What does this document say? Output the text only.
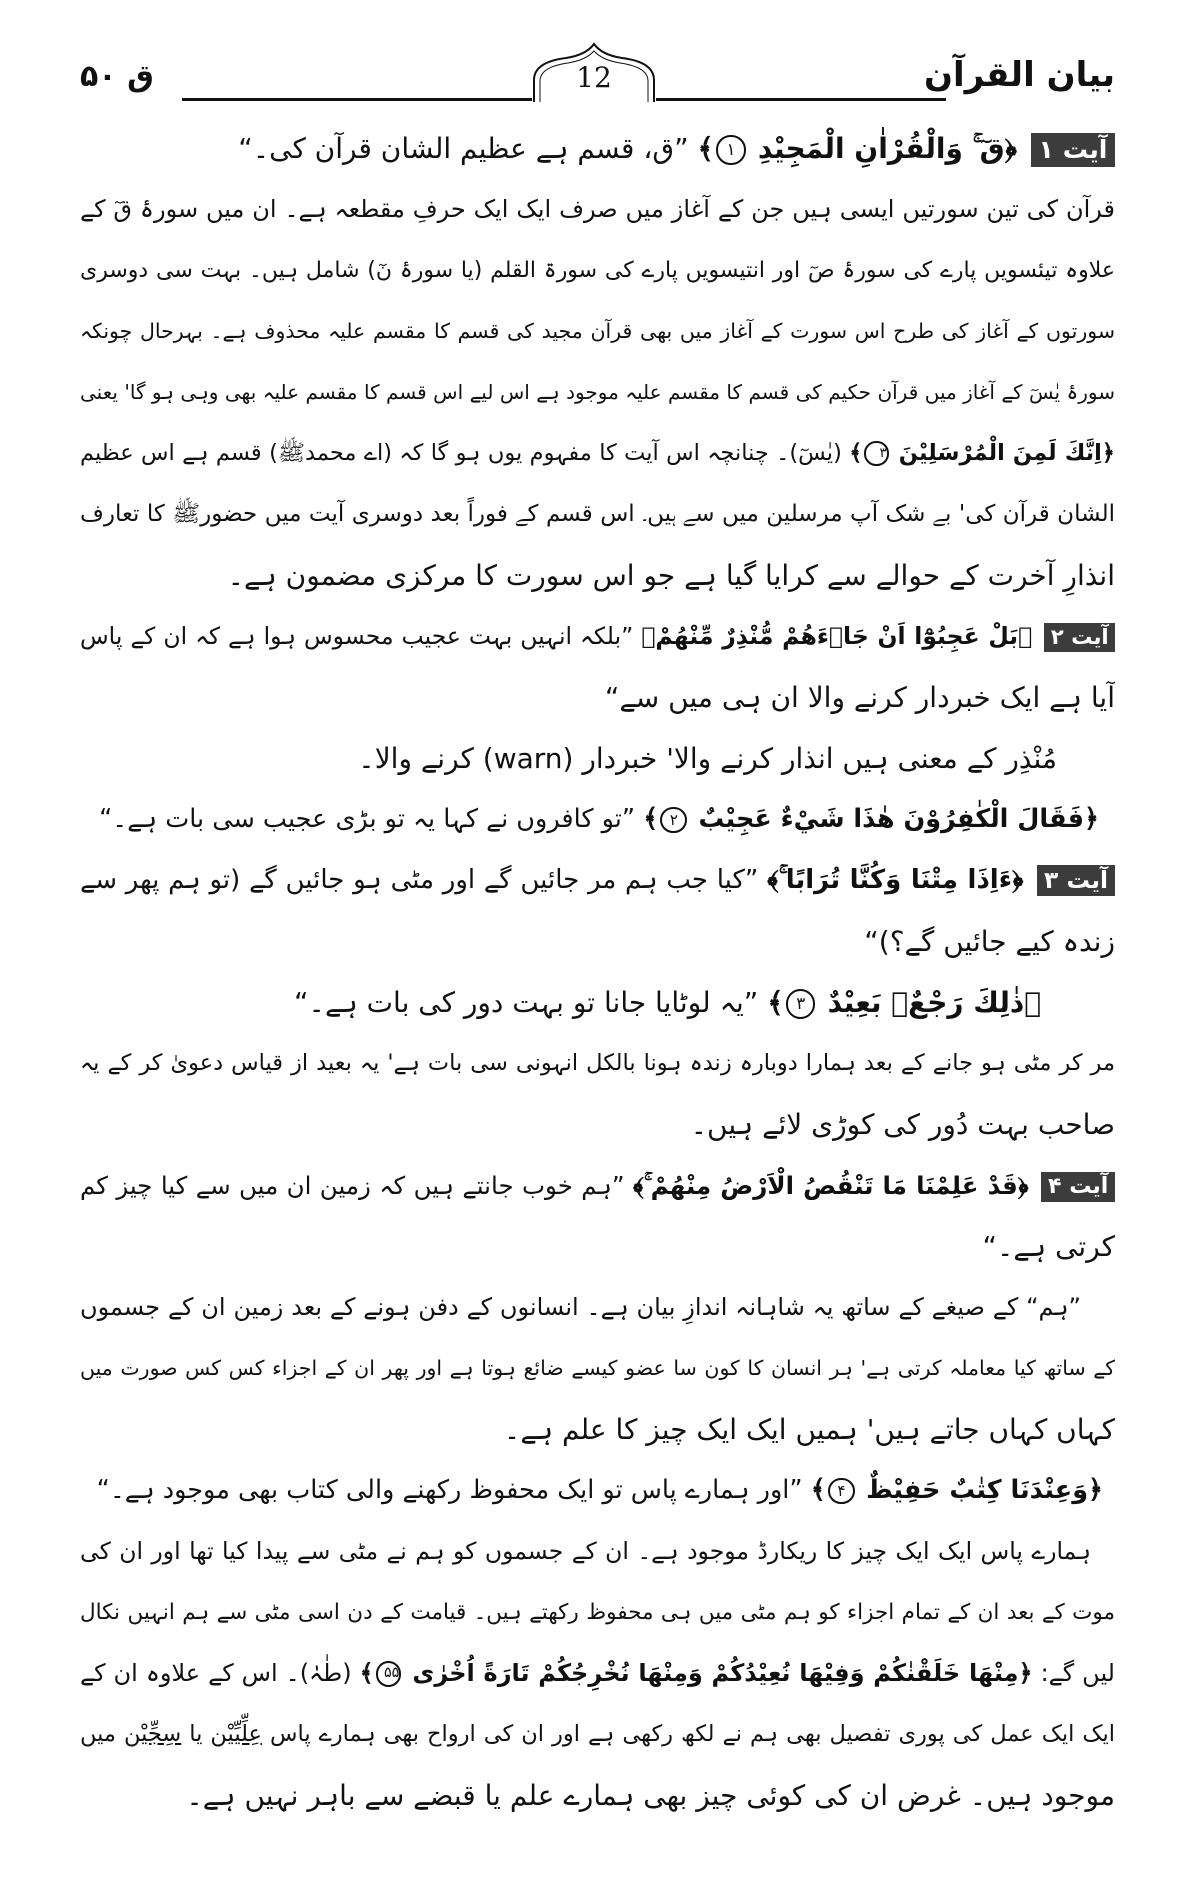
بیان القرآن
ق ۵۰	12
آیت ۱ ﴿قٓ ۚ وَالْقُرْاٰنِ الْمَجِيْدِ ۱﴾ ”ق، قسم ہے عظیم الشان قرآن کی۔“
قرآن کی تین سورتیں ایسی ہیں جن کے آغاز میں صرف ایک ایک حرفِ مقطعہ ہے۔ ان میں سورۂ قٓ کے
علاوہ تیئسویں پارے کی سورۂ صٓ اور انتیسویں پارے کی سورۃ القلم (یا سورۂ نٓ) شامل ہیں۔ بہت سی دوسری
سورتوں کے آغاز کی طرح اس سورت کے آغاز میں بھی قرآن مجید کی قسم کا مقسم علیہ محذوف ہے۔ بہرحال چونکہ
سورۂ یٰسٓ کے آغاز میں قرآن حکیم کی قسم کا مقسم علیہ موجود ہے اس لیے اس قسم کا مقسم علیہ بھی وہی ہو گا' یعنی
﴿اِنَّكَ لَمِنَ الْمُرْسَلِيْنَ ۳﴾ (یٰسٓ)۔ چنانچہ اس آیت کا مفہوم یوں ہو گا کہ (اے محمدﷺ) قسم ہے اس عظیم
الشان قرآن کی' بے شک آپ مرسلین میں سے ہیں۔ اس قسم کے فوراً بعد دوسری آیت میں حضورﷺ کا تعارف
انذارِ آخرت کے حوالے سے کرایا گیا ہے جو اس سورت کا مرکزی مضمون ہے۔
آیت ۲ ﴿بَلْ عَجِبُوْٓا اَنْ جَاۗءَهُمْ مُّنْذِرٌ مِّنْهُمْ﴾ ”بلکہ انہیں بہت عجیب محسوس ہوا ہے کہ ان کے پاس
آیا ہے ایک خبردار کرنے والا ان ہی میں سے“
مُنْذِر کے معنی ہیں انذار کرنے والا' خبردار (warn) کرنے والا۔
﴿فَقَالَ الْكٰفِرُوْنَ هٰذَا شَيْءٌ عَجِيْبٌ ۲﴾ ”تو کافروں نے کہا یہ تو بڑی عجیب سی بات ہے۔“
آیت ۳ ﴿ءَاِذَا مِتْنَا وَكُنَّا تُرَابًا ۚ﴾ ”کیا جب ہم مر جائیں گے اور مٹی ہو جائیں گے (تو ہم پھر سے
زندہ کیے جائیں گے؟)“
﴿ذٰلِكَ رَجْعٌۢ بَعِيْدٌ ۳﴾ ”یہ لوٹایا جانا تو بہت دور کی بات ہے۔“
مر کر مٹی ہو جانے کے بعد ہمارا دوبارہ زندہ ہونا بالکل انہونی سی بات ہے' یہ بعید از قیاس دعویٰ کر کے یہ
صاحب بہت دُور کی کوڑی لائے ہیں۔
آیت ۴ ﴿قَدْ عَلِمْنَا مَا تَنْقُصُ الْاَرْضُ مِنْهُمْ ۚ﴾ ”ہم خوب جانتے ہیں کہ زمین ان میں سے کیا چیز کم
کرتی ہے۔“
”ہم“ کے صیغے کے ساتھ یہ شاہانہ اندازِ بیان ہے۔ انسانوں کے دفن ہونے کے بعد زمین ان کے جسموں
کے ساتھ کیا معاملہ کرتی ہے' ہر انسان کا کون سا عضو کیسے ضائع ہوتا ہے اور پھر ان کے اجزاء کس کس صورت میں
کہاں کہاں جاتے ہیں' ہمیں ایک ایک چیز کا علم ہے۔
﴿وَعِنْدَنَا كِتٰبٌ حَفِيْظٌ ۴﴾ ”اور ہمارے پاس تو ایک محفوظ رکھنے والی کتاب بھی موجود ہے۔“
ہمارے پاس ایک ایک چیز کا ریکارڈ موجود ہے۔ ان کے جسموں کو ہم نے مٹی سے پیدا کیا تھا اور ان کی
موت کے بعد ان کے تمام اجزاء کو ہم مٹی میں ہی محفوظ رکھتے ہیں۔ قیامت کے دن اسی مٹی سے ہم انہیں نکال
لیں گے: ﴿مِنْهَا خَلَقْنٰكُمْ وَفِيْهَا نُعِيْدُكُمْ وَمِنْهَا نُخْرِجُكُمْ تَارَةً اُخْرٰى ۵۵﴾ (طٰہٰ)۔ اس کے علاوہ ان کے
ایک ایک عمل کی پوری تفصیل بھی ہم نے لکھ رکھی ہے اور ان کی ارواح بھی ہمارے پاس عِلِّيِّيْن یا سِجِّيْن میں
موجود ہیں۔ غرض ان کی کوئی چیز بھی ہمارے علم یا قبضے سے باہر نہیں ہے۔
